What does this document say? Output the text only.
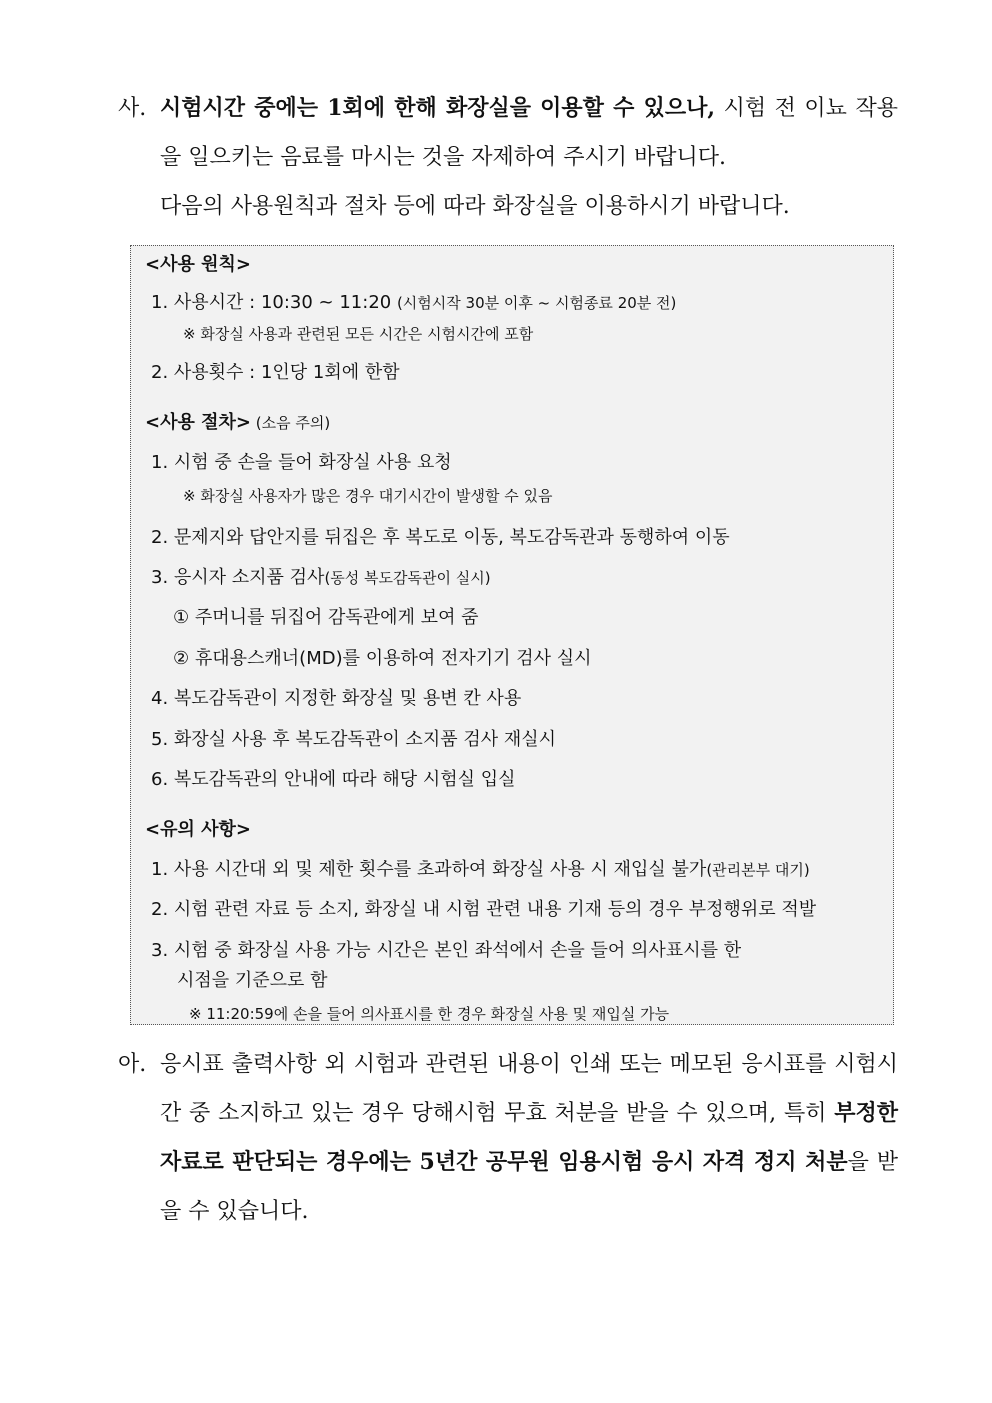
사. 시험시간 중에는 1회에 한해 화장실을 이용할 수 있으나, 시험 전 이뇨 작용을 일으키는 음료를 마시는 것을 자제하여 주시기 바랍니다.
다음의 사용원칙과 절차 등에 따라 화장실을 이용하시기 바랍니다.
<사용 원칙>
1. 사용시간 : 10:30 ~ 11:20 (시험시작 30분 이후 ~ 시험종료 20분 전)
※ 화장실 사용과 관련된 모든 시간은 시험시간에 포함
2. 사용횟수 : 1인당 1회에 한함
<사용 절차> (소음 주의)
1. 시험 중 손을 들어 화장실 사용 요청
※ 화장실 사용자가 많은 경우 대기시간이 발생할 수 있음
2. 문제지와 답안지를 뒤집은 후 복도로 이동, 복도감독관과 동행하여 이동
3. 응시자 소지품 검사(동성 복도감독관이 실시)
① 주머니를 뒤집어 감독관에게 보여 줌
② 휴대용스캐너(MD)를 이용하여 전자기기 검사 실시
4. 복도감독관이 지정한 화장실 및 용변 칸 사용
5. 화장실 사용 후 복도감독관이 소지품 검사 재실시
6. 복도감독관의 안내에 따라 해당 시험실 입실
<유의 사항>
1. 사용 시간대 외 및 제한 횟수를 초과하여 화장실 사용 시 재입실 불가(관리본부 대기)
2. 시험 관련 자료 등 소지, 화장실 내 시험 관련 내용 기재 등의 경우 부정행위로 적발
3. 시험 중 화장실 사용 가능 시간은 본인 좌석에서 손을 들어 의사표시를 한
시점을 기준으로 함
※ 11:20:59에 손을 들어 의사표시를 한 경우 화장실 사용 및 재입실 가능
아. 응시표 출력사항 외 시험과 관련된 내용이 인쇄 또는 메모된 응시표를 시험시간 중 소지하고 있는 경우 당해시험 무효 처분을 받을 수 있으며, 특히 부정한 자료로 판단되는 경우에는 5년간 공무원 임용시험 응시 자격 정지 처분을 받을 수 있습니다.
